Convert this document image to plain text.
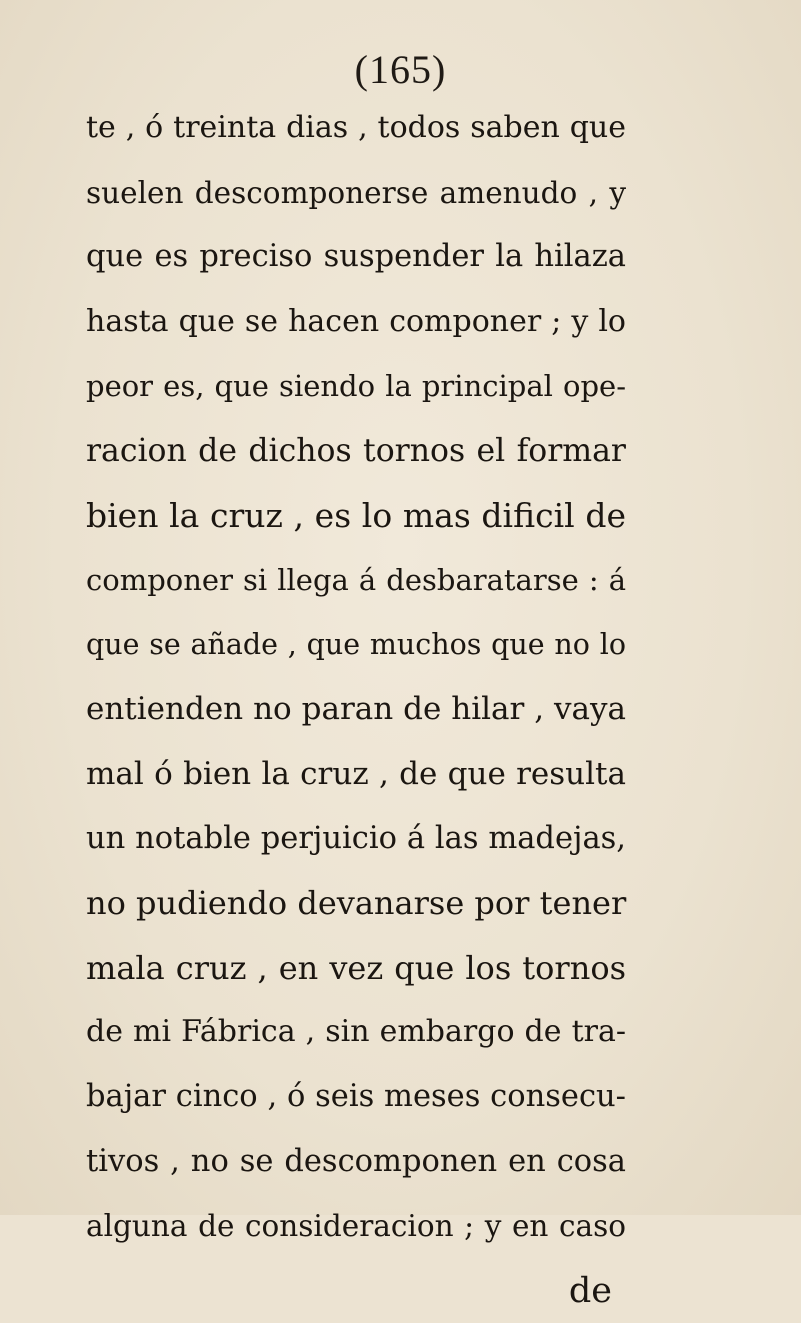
(165)
te , ó treinta dias , todos saben que
suelen descomponerse amenudo , y
que es preciso suspender la hilaza
hasta que se hacen componer ; y lo
peor es, que siendo la principal ope-
racion de dichos tornos el formar
bien la cruz , es lo mas dificil de
componer si llega á desbaratarse : á
que se añade , que muchos que no lo
entienden no paran de hilar , vaya
mal ó bien la cruz , de que resulta
un notable perjuicio á las madejas,
no pudiendo devanarse por tener
mala cruz , en vez que los tornos
de mi Fábrica , sin embargo de tra-
bajar cinco , ó seis meses consecu-
tivos , no se descomponen en cosa
alguna de consideracion ; y en caso
de
